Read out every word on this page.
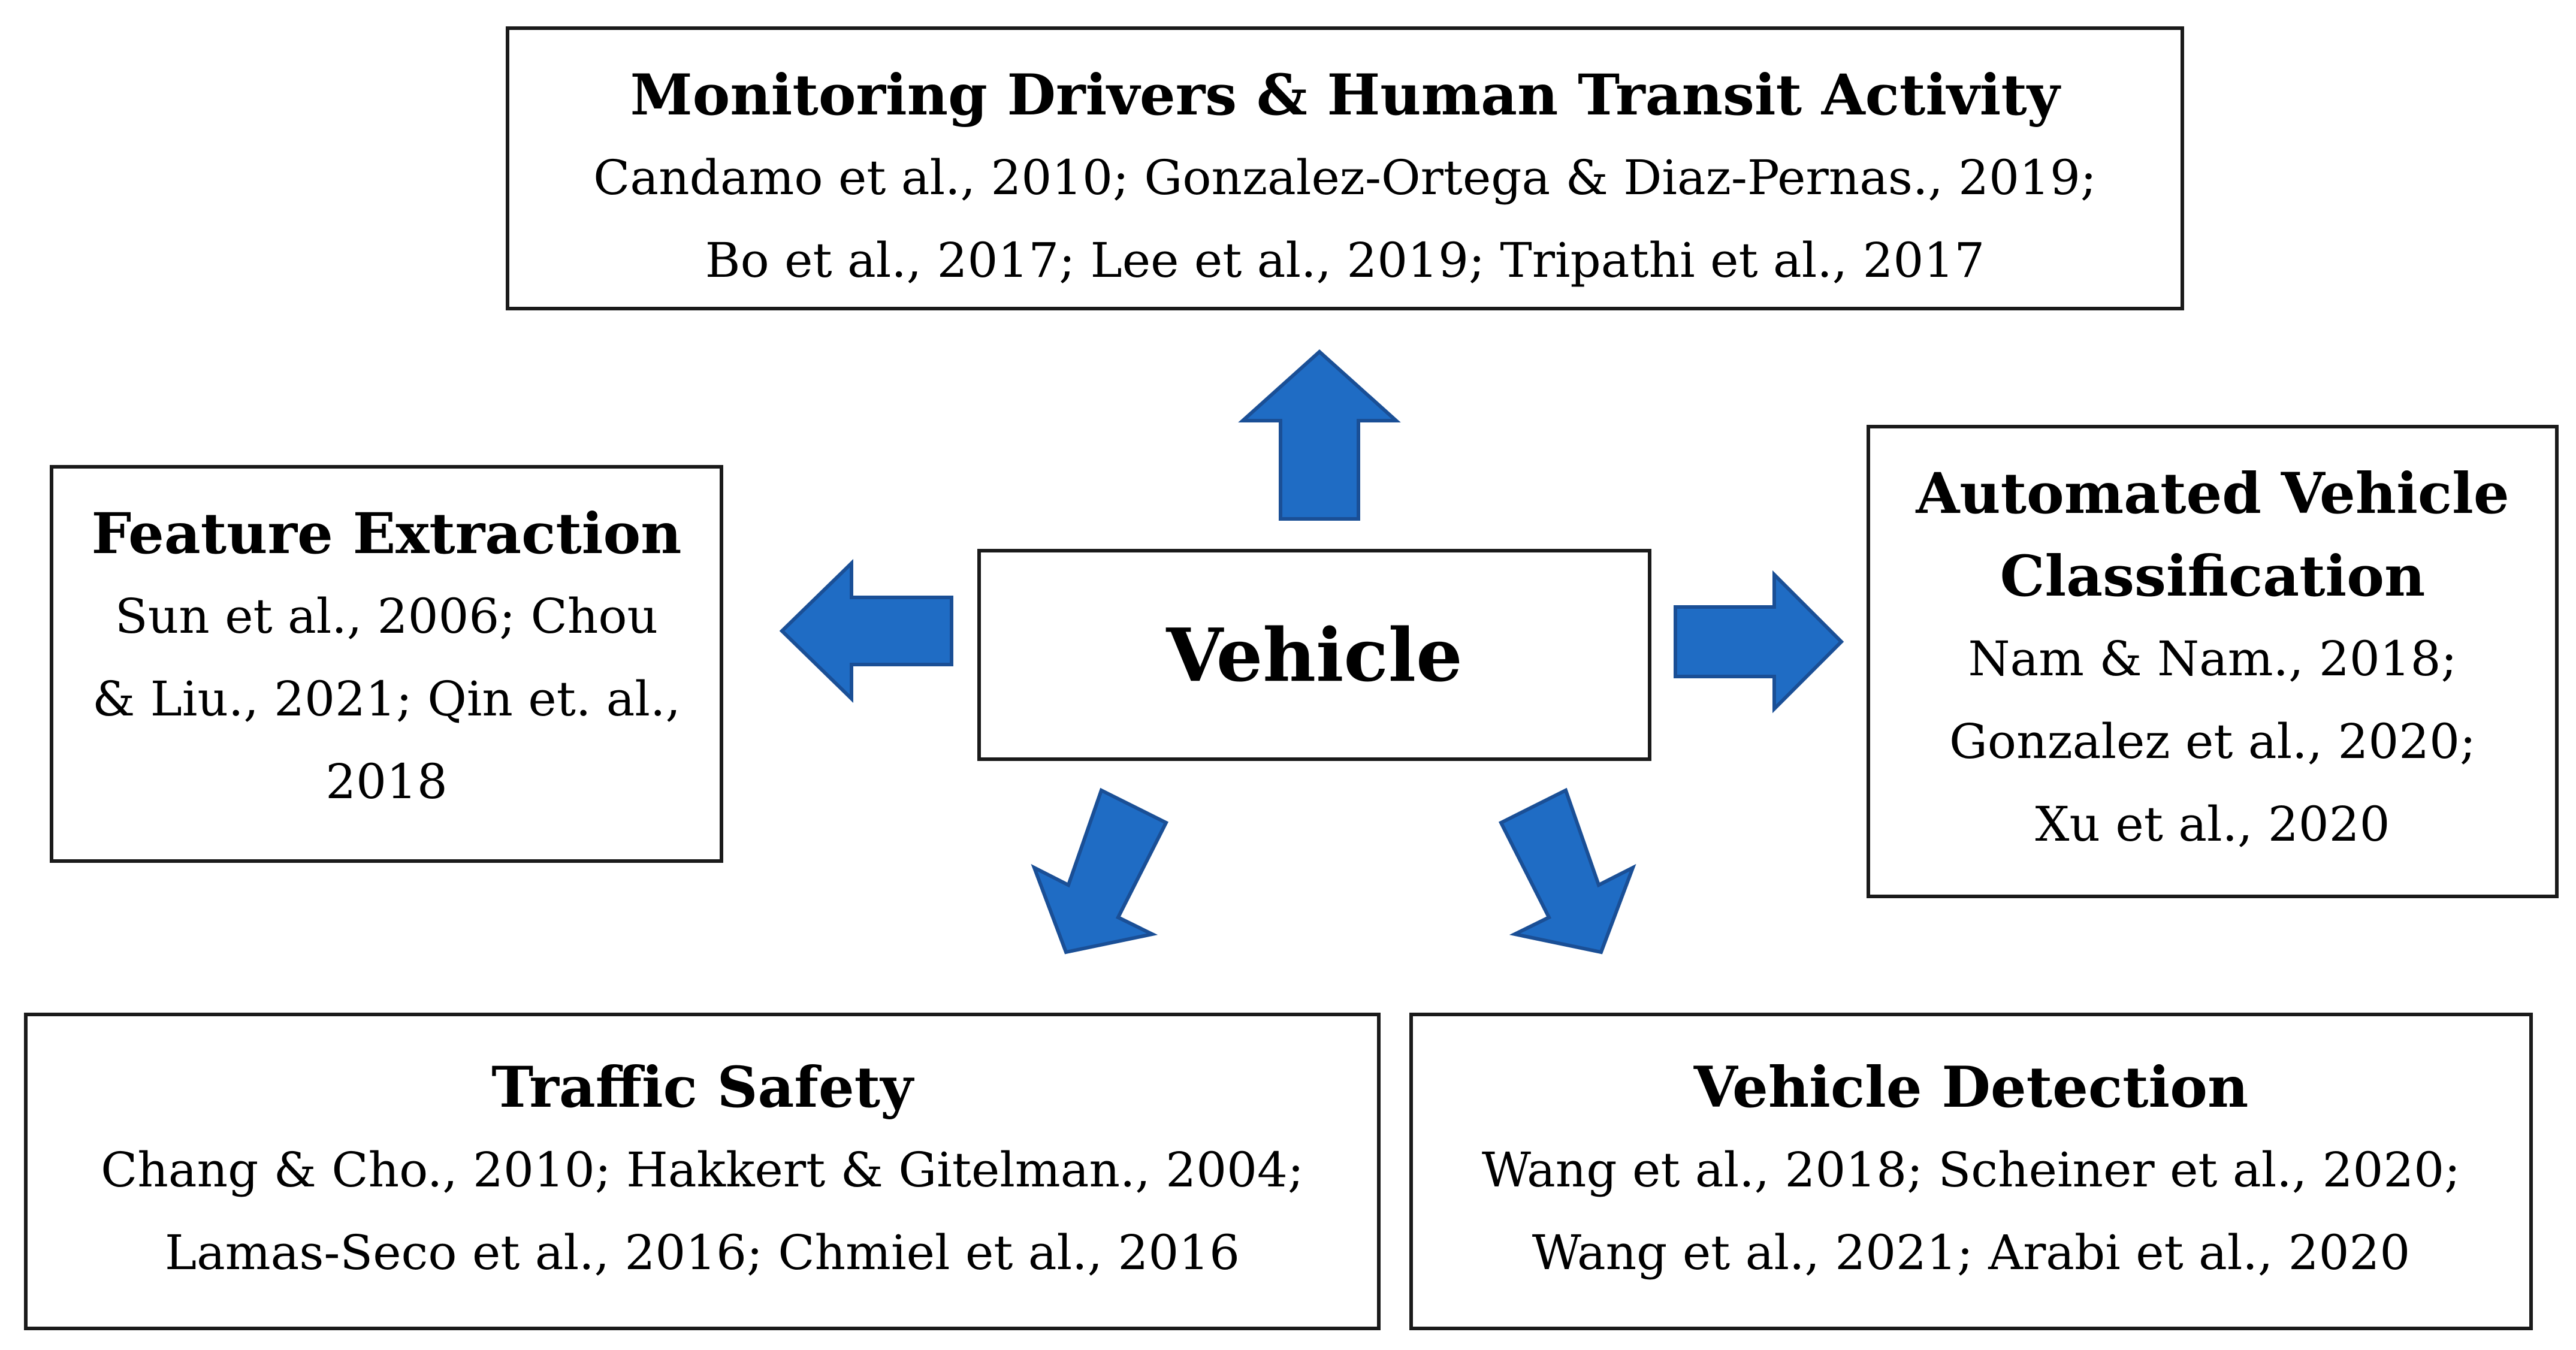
Monitoring Drivers & Human Transit Activity

Candamo et al., 2010; Gonzalez-Ortega & Diaz-Pernas., 2019; Bo et al., 2017; Lee et al., 2019; Tripathi et al., 2017

Feature Extraction

Sun et al., 2006; Chou & Liu., 2021; Qin et. al., 2018

Vehicle

Automated Vehicle Classification

Nam & Nam., 2018; Gonzalez et al., 2020; Xu et al., 2020

Traffic Safety

Chang & Cho., 2010; Hakkert & Gitelman., 2004; Lamas-Seco et al., 2016; Chmiel et al., 2016

Vehicle Detection

Wang et al., 2018; Scheiner et al., 2020; Wang et al., 2021; Arabi et al., 2020
